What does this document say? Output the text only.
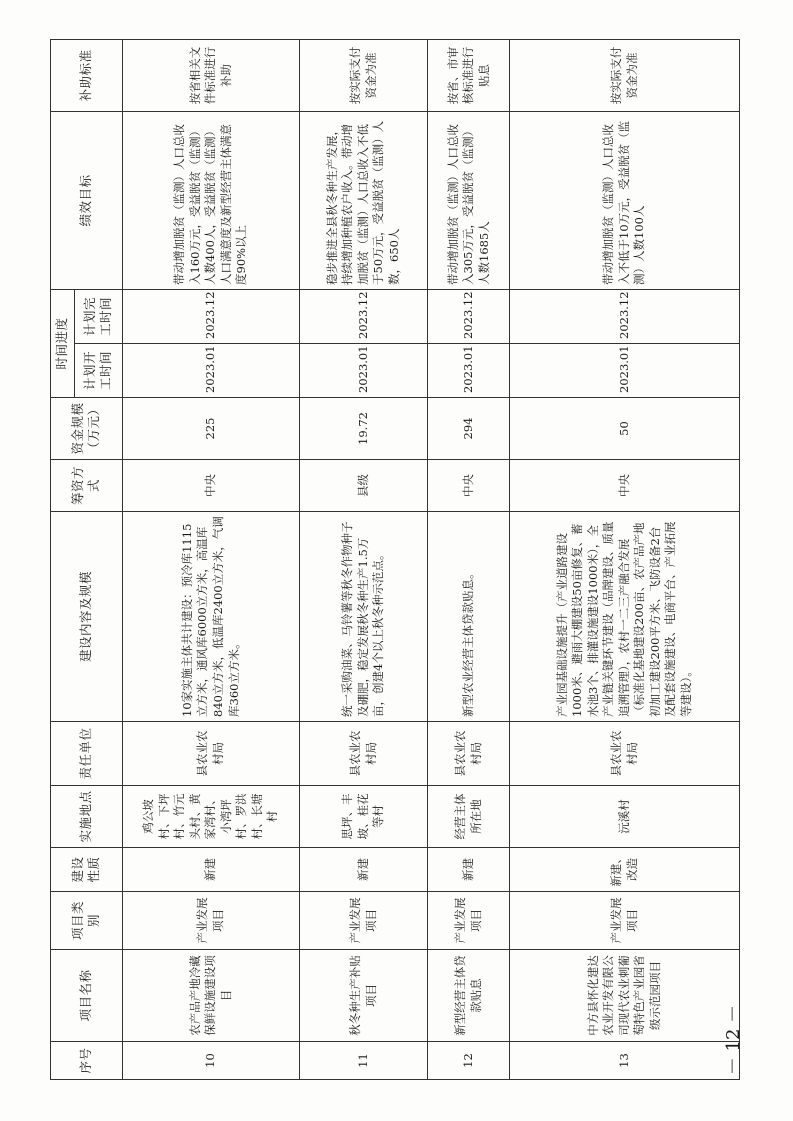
序号	项目名称	项目类别	建设性质	实施地点	责任单位	建设内容及规模	筹资方式	资金规模（万元）	时间进度		绩效目标	补助标准
									计划开工时间	计划完工时间		
10	农产品产地冷藏保鲜设施建设项目	产业发展项目	新建	鸡公坡村、下坪村、竹元头村、黄家湾村、小湾坪村、罗洪村、长塘村	县农业农村局	10家实施主体共计建设：预冷库1115立方米，通风库6000立方米，高温库840立方米，低温库2400立方米，气调库360立方米。	中央	225	2023.01	2023.12	带动增加脱贫（监测）人口总收入160万元，受益脱贫（监测）人数400人，受益脱贫（监测）人口满意度及新型经营主体满意度90%以上	按省相关文件标准进行补助
11	秋冬种生产补贴项目	产业发展项目	新建	思坪、丰坡、桂花等村	县农业农村局	统一采购油菜、马铃薯等秋冬作物种子及硼肥，稳定发展秋冬种生产1.5万亩，创建4个以上秋冬种示范点。	县级	19.72	2023.01	2023.12	稳步推进全县秋冬种生产发展，持续增加种植农户收入。带动增加脱贫（监测）人口总收入不低于50万元，受益脱贫（监测）人数，650人	按实际支付资金为准
12	新型经营主体贷款贴息	产业发展项目	新建	经营主体所在地	县农业农村局	新型农业经营主体贷款贴息。	中央	294	2023.01	2023.12	带动增加脱贫（监测）人口总收入305万元，受益脱贫（监测）人数1685人	按省、市审核标准进行贴息
13	中方县怀化建达农业开发有限公司现代农业刺葡萄特色产业园省级示范园项目	产业发展项目	新建、改造	沅溪村	县农业农村局	产业园基础设施提升（产业道路建设1000米、避雨大棚建设50亩修复、蓄水池3个、排灌设施建设1000米），全产业链关键环节建设（品牌建设、质量追溯管理），农村一二三产融合发展（标准化基地建设200亩、农产品产地初加工建设200平方米、飞防设备2台及配套设施建设、电商平台、产业拓展等建设）。	中央	50	2023.01	2023.12	带动增加脱贫（监测）人口总收入不低于10万元，受益脱贫（监测）人数100人	按实际支付资金为准
－ 12 －
